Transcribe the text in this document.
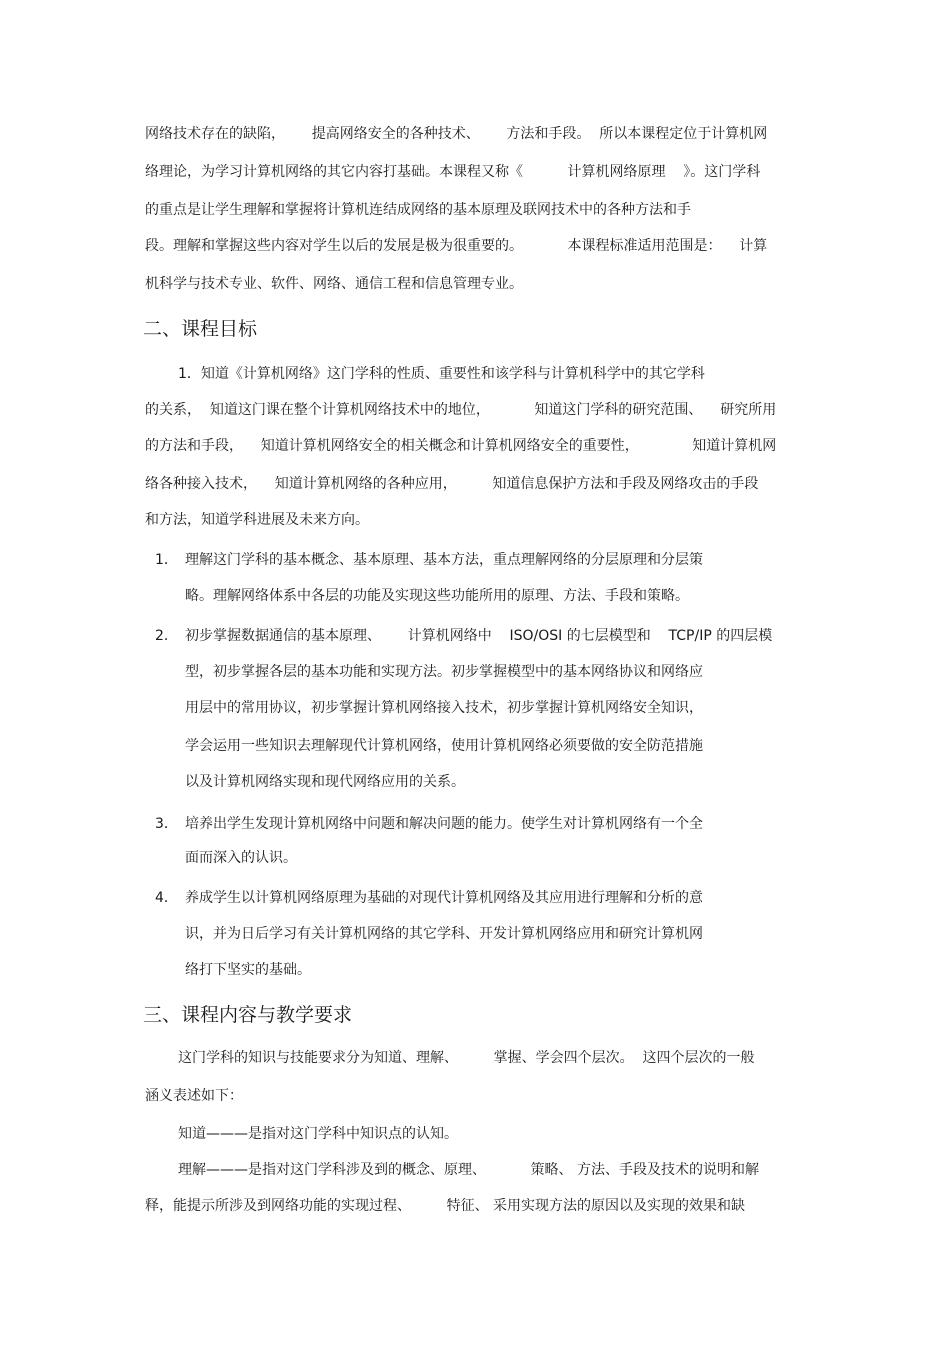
网络技术存在的缺陷，      提高网络安全的各种技术、      方法和手段。  所以本课程定位于计算机网

络理论，为学习计算机网络的其它内容打基础。本课程又称《          计算机网络原理    》。这门学科

的重点是让学生理解和掌握将计算机连结成网络的基本原理及联网技术中的各种方法和手

段。理解和掌握这些内容对学生以后的发展是极为很重要的。          本课程标准适用范围是：    计算

机科学与技术专业、软件、网络、通信工程和信息管理专业。

二、课程目标

1．知道《计算机网络》这门学科的性质、重要性和该学科与计算机科学中的其它学科

的关系，  知道这门课在整个计算机网络技术中的地位，          知道这门学科的研究范围、    研究所用

的方法和手段，    知道计算机网络安全的相关概念和计算机网络安全的重要性，            知道计算机网

络各种接入技术，    知道计算机网络的各种应用，        知道信息保护方法和手段及网络攻击的手段

和方法，知道学科进展及未来方向。

1． 理解这门学科的基本概念、基本原理、基本方法，重点理解网络的分层原理和分层策

略。理解网络体系中各层的功能及实现这些功能所用的原理、方法、手段和策略。

2． 初步掌握数据通信的基本原理、      计算机网络中    ISO/OSI 的七层模型和    TCP/IP 的四层模

型，初步掌握各层的基本功能和实现方法。初步掌握模型中的基本网络协议和网络应

用层中的常用协议，初步掌握计算机网络接入技术，初步掌握计算机网络安全知识，

学会运用一些知识去理解现代计算机网络，使用计算机网络必须要做的安全防范措施

以及计算机网络实现和现代网络应用的关系。

3． 培养出学生发现计算机网络中问题和解决问题的能力。使学生对计算机网络有一个全

面而深入的认识。

4． 养成学生以计算机网络原理为基础的对现代计算机网络及其应用进行理解和分析的意

识，并为日后学习有关计算机网络的其它学科、开发计算机网络应用和研究计算机网

络打下坚实的基础。

三、课程内容与教学要求

这门学科的知识与技能要求分为知道、理解、        掌握、学会四个层次。  这四个层次的一般

涵义表述如下：

知道———是指对这门学科中知识点的认知。

理解———是指对这门学科涉及到的概念、原理、          策略、 方法、手段及技术的说明和解

释，能提示所涉及到网络功能的实现过程、        特征、 采用实现方法的原因以及实现的效果和缺
